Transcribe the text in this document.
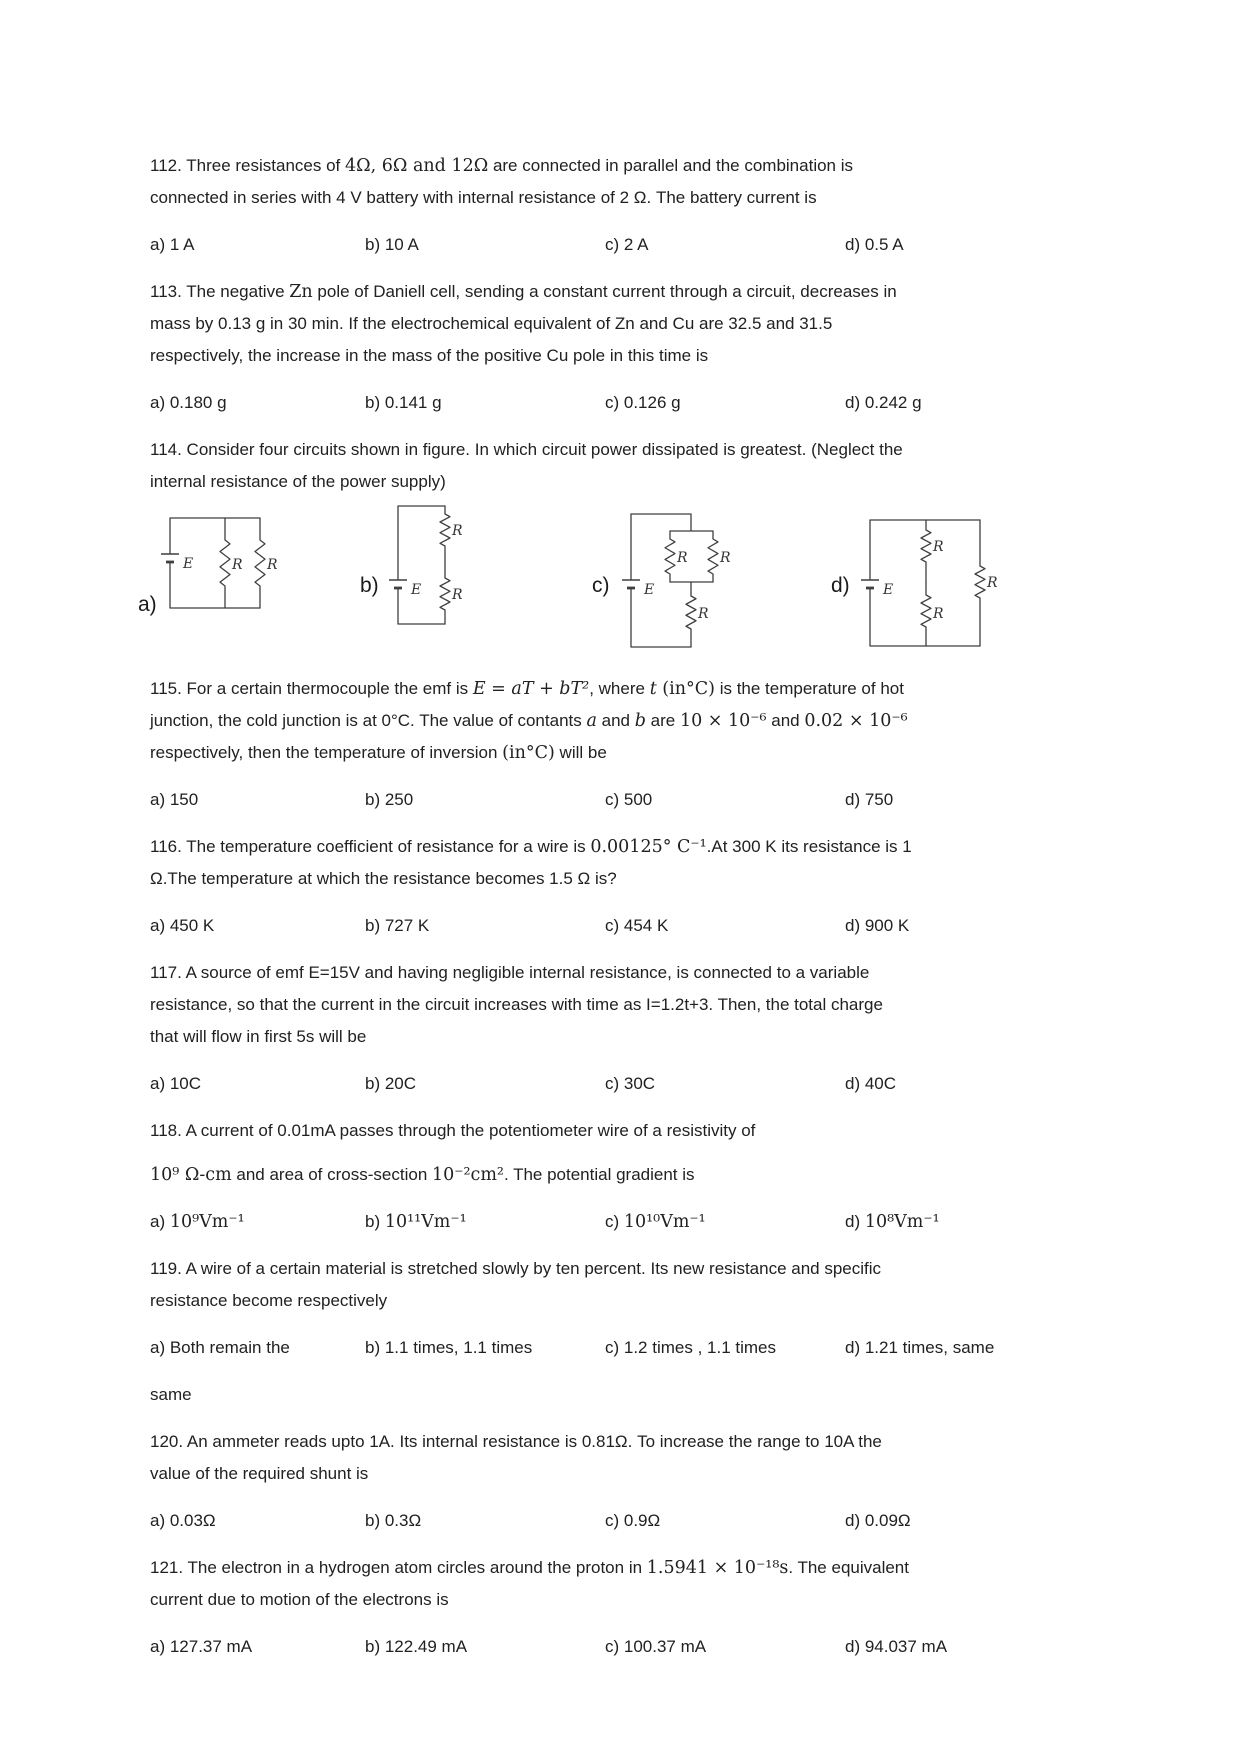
112. Three resistances of 4Ω, 6Ω and 12Ω are connected in parallel and the combination is
connected in series with 4 V battery with internal resistance of 2 Ω. The battery current is
a) 1 A	b) 10 A	c) 2 A	d) 0.5 A
113. The negative Zn pole of Daniell cell, sending a constant current through a circuit, decreases in
mass by 0.13 g in 30 min. If the electrochemical equivalent of Zn and Cu are 32.5 and 31.5
respectively, the increase in the mass of the positive Cu pole in this time is
a) 0.180 g	b) 0.141 g	c) 0.126 g	d) 0.242 g
114. Consider four circuits shown in figure. In which circuit power dissipated is greatest. (Neglect the
internal resistance of the power supply)
E	R R
a)
E
R
R
b)	E
R R
R
c)	E
R
R
R
d)
115. For a certain thermocouple the emf is E = aT + bT², where t (in°C) is the temperature of hot
junction, the cold junction is at 0°C. The value of contants a and b are 10 × 10⁻⁶ and 0.02 × 10⁻⁶
respectively, then the temperature of inversion (in°C) will be
a) 150	b) 250	c) 500	d) 750
116. The temperature coefficient of resistance for a wire is 0.00125° C⁻¹.At 300 K its resistance is 1
Ω.The temperature at which the resistance becomes 1.5 Ω is?
a) 450 K	b) 727 K	c) 454 K	d) 900 K
117. A source of emf E=15V and having negligible internal resistance, is connected to a variable
resistance, so that the current in the circuit increases with time as I=1.2t+3. Then, the total charge
that will flow in first 5s will be
a) 10C	b) 20C	c) 30C	d) 40C
118. A current of 0.01mA passes through the potentiometer wire of a resistivity of
10⁹ Ω-cm and area of cross-section 10⁻²cm². The potential gradient is
a) 10⁹Vm⁻¹	b) 10¹¹Vm⁻¹	c) 10¹⁰Vm⁻¹	d) 10⁸Vm⁻¹
119. A wire of a certain material is stretched slowly by ten percent. Its new resistance and specific
resistance become respectively
a) Both remain the	b) 1.1 times, 1.1 times	c) 1.2 times , 1.1 times	d) 1.21 times, same
same
120. An ammeter reads upto 1A. Its internal resistance is 0.81Ω. To increase the range to 10A the
value of the required shunt is
a) 0.03Ω	b) 0.3Ω	c) 0.9Ω	d) 0.09Ω
121. The electron in a hydrogen atom circles around the proton in 1.5941 × 10⁻¹⁸s. The equivalent
current due to motion of the electrons is
a) 127.37 mA	b) 122.49 mA	c) 100.37 mA	d) 94.037 mA
